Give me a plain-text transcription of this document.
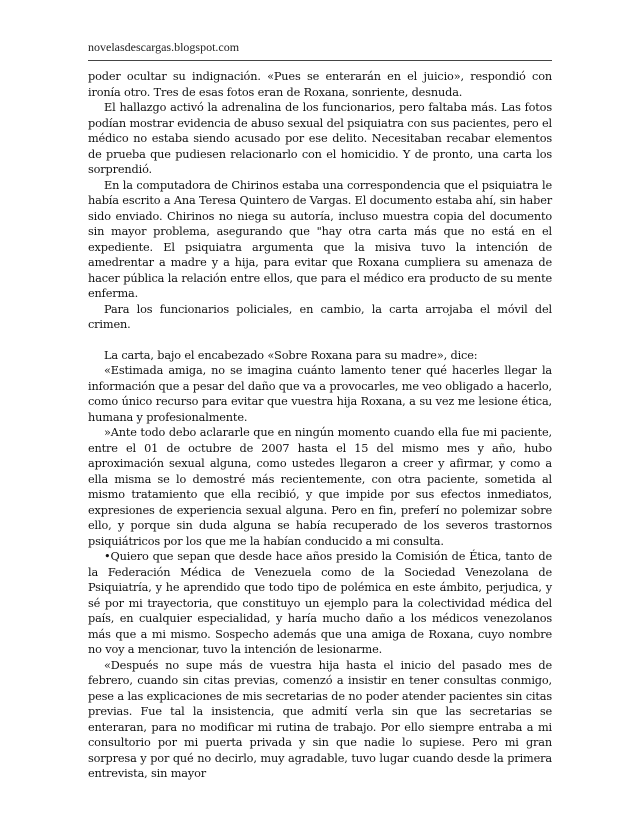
novelasdescargas.blogspot.com

poder ocultar su indignación. «Pues se enterarán en el juicio», respondió con ironía otro. Tres de esas fotos eran de Roxana, sonriente, desnuda.

El hallazgo activó la adrenalina de los funcionarios, pero faltaba más. Las fotos podían mostrar evidencia de abuso sexual del psiquiatra con sus pacientes, pero el médico no estaba siendo acusado por ese delito. Necesitaban recabar elementos de prueba que pudiesen relacionarlo con el homicidio. Y de pronto, una carta los sorprendió.

En la computadora de Chirinos estaba una correspondencia que el psiquiatra le había escrito a Ana Teresa Quintero de Vargas. El documento estaba ahí, sin haber sido enviado. Chirinos no niega su autoría, incluso muestra copia del documento sin mayor problema, asegurando que "hay otra carta más que no está en el expediente. El psiquiatra argumenta que la misiva tuvo la intención de amedrentar a madre y a hija, para evitar que Roxana cumpliera su amenaza de hacer pública la relación entre ellos, que para el médico era producto de su mente enferma.

Para los funcionarios policiales, en cambio, la carta arrojaba el móvil del crimen.

La carta, bajo el encabezado «Sobre Roxana para su madre», dice:

«Estimada amiga, no se imagina cuánto lamento tener qué hacerles llegar la información que a pesar del daño que va a provocarles, me veo obligado a hacerlo, como único recurso para evitar que vuestra hija Roxana, a su vez me lesione ética, humana y profesionalmente.

»Ante todo debo aclararle que en ningún momento cuando ella fue mi paciente, entre el 01 de octubre de 2007 hasta el 15 del mismo mes y año, hubo aproximación sexual alguna, como ustedes llegaron a creer y afirmar, y como a ella misma se lo demostré más recientemente, con otra paciente, sometida al mismo tratamiento que ella recibió, y que impide por sus efectos inmediatos, expresiones de experiencia sexual alguna. Pero en fin, preferí no polemizar sobre ello, y porque sin duda alguna se había recuperado de los severos trastornos psiquiátricos por los que me la habían conducido a mi consulta.

•Quiero que sepan que desde hace años presido la Comisión de Ética, tanto de la Federación Médica de Venezuela como de la Sociedad Venezolana de Psiquiatría, y he aprendido que todo tipo de polémica en este ámbito, perjudica, y sé por mi trayectoria, que constituyo un ejemplo para la colectividad médica del país, en cualquier especialidad, y haría mucho daño a los médicos venezolanos más que a mi mismo. Sospecho además que una amiga de Roxana, cuyo nombre no voy a mencionar, tuvo la intención de lesionarme.

«Después no supe más de vuestra hija hasta el inicio del pasado mes de febrero, cuando sin citas previas, comenzó a insistir en tener consultas conmigo, pese a las explicaciones de mis secretarias de no poder atender pacientes sin citas previas. Fue tal la insistencia, que admití verla sin que las secretarias se enteraran, para no modificar mi rutina de trabajo. Por ello siempre entraba a mi consultorio por mi puerta privada y sin que nadie lo supiese. Pero mi gran sorpresa y por qué no decirlo, muy agradable, tuvo lugar cuando desde la primera entrevista, sin mayor
